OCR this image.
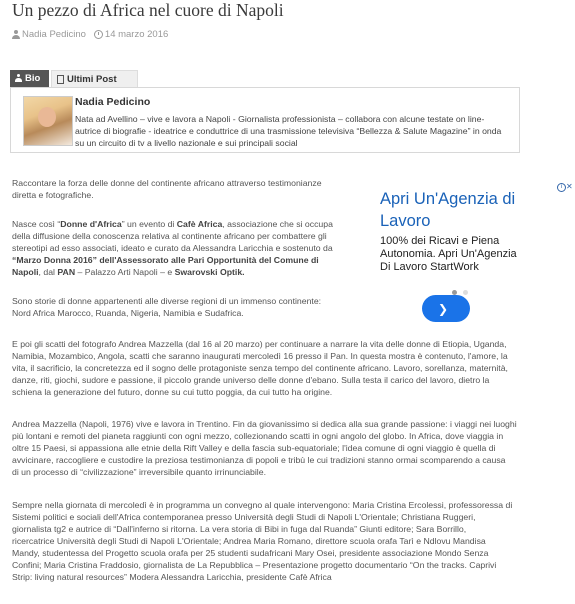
Un pezzo di Africa nel cuore di Napoli
Nadia Pedicino 14 marzo 2016
Bio	Ultimi Post
Nadia Pedicino
Nata ad Avellino – vive e lavora a Napoli - Giornalista professionista – collabora con alcune testate on line-
autrice di biografie - ideatrice e conduttrice di una trasmissione televisiva “Bellezza & Salute Magazine” in onda
su un circuito di tv a livello nazionale e sui principali social
i ✕
Apri Un'Agenzia di
Lavoro
100% dei Ricavi e Piena
Autonomia. Apri Un'Agenzia
Di Lavoro StartWork
❯
Raccontare la forza delle donne del continente africano attraverso testimonianze
diretta e fotografiche.
Nasce così “Donne d'Africa” un evento di Cafè Africa, associazione che si occupa
della diffusione della conoscenza relativa al continente africano per combattere gli
stereotipi ad esso associati, ideato e curato da Alessandra Laricchia e sostenuto da
“Marzo Donna 2016” dell'Assessorato alle Pari Opportunità del Comune di
Napoli, dal PAN – Palazzo Arti Napoli – e Swarovski Optik.
Sono storie di donne appartenenti alle diverse regioni di un immenso continente:
Nord Africa Marocco, Ruanda, Nigeria, Namibia e Sudafrica.
E poi gli scatti del fotografo Andrea Mazzella (dal 16 al 20 marzo) per continuare a narrare la vita delle donne di Etiopia, Uganda,
Namibia, Mozambico, Angola, scatti che saranno inaugurati mercoledì 16 presso il Pan. In questa mostra è contenuto, l'amore, la
vita, il sacrificio, la concretezza ed il sogno delle protagoniste senza tempo del continente africano. Lavoro, sorellanza, maternità,
danze, riti, giochi, sudore e passione, il piccolo grande universo delle donne d'ebano. Sulla testa il carico del lavoro, dietro la
schiena la generazione del futuro, donne su cui tutto poggia, da cui tutto ha origine.
Andrea Mazzella (Napoli, 1976) vive e lavora in Trentino. Fin da giovanissimo si dedica alla sua grande passione: i viaggi nei luoghi
più lontani e remoti del pianeta raggiunti con ogni mezzo, collezionando scatti in ogni angolo del globo. In Africa, dove viaggia in
oltre 15 Paesi, si appassiona alle etnie della Rift Valley e della fascia sub-equatoriale; l'idea comune di ogni viaggio è quella di
avvicinare, raccogliere e custodire la preziosa testimonianza di popoli e tribù le cui tradizioni stanno ormai scomparendo a causa
di un processo di “civilizzazione” irreversibile quanto irrinunciabile.
Sempre nella giornata di mercoledì è in programma un convegno al quale intervengono: Maria Cristina Ercolessi, professoressa di
Sistemi politici e sociali dell'Africa contemporanea presso Università degli Studi di Napoli L'Orientale; Christiana Ruggeri,
giornalista tg2 e autrice di “Dall'inferno si ritorna. La vera storia di Bibi in fuga dal Ruanda” Giunti editore; Sara Borrillo,
ricercatrice Università degli Studi di Napoli L'Orientale; Andrea Maria Romano, direttore scuola orafa Tarì e Ndlovu Mandisa
Mandy, studentessa del Progetto scuola orafa per 25 studenti sudafricani Mary Osei, presidente associazione Mondo Senza
Confini; Maria Cristina Fraddosio, giornalista de La Repubblica – Presentazione progetto documentario “On the tracks. Caprivi
Strip: living natural resources” Modera Alessandra Laricchia, presidente Cafè Africa
